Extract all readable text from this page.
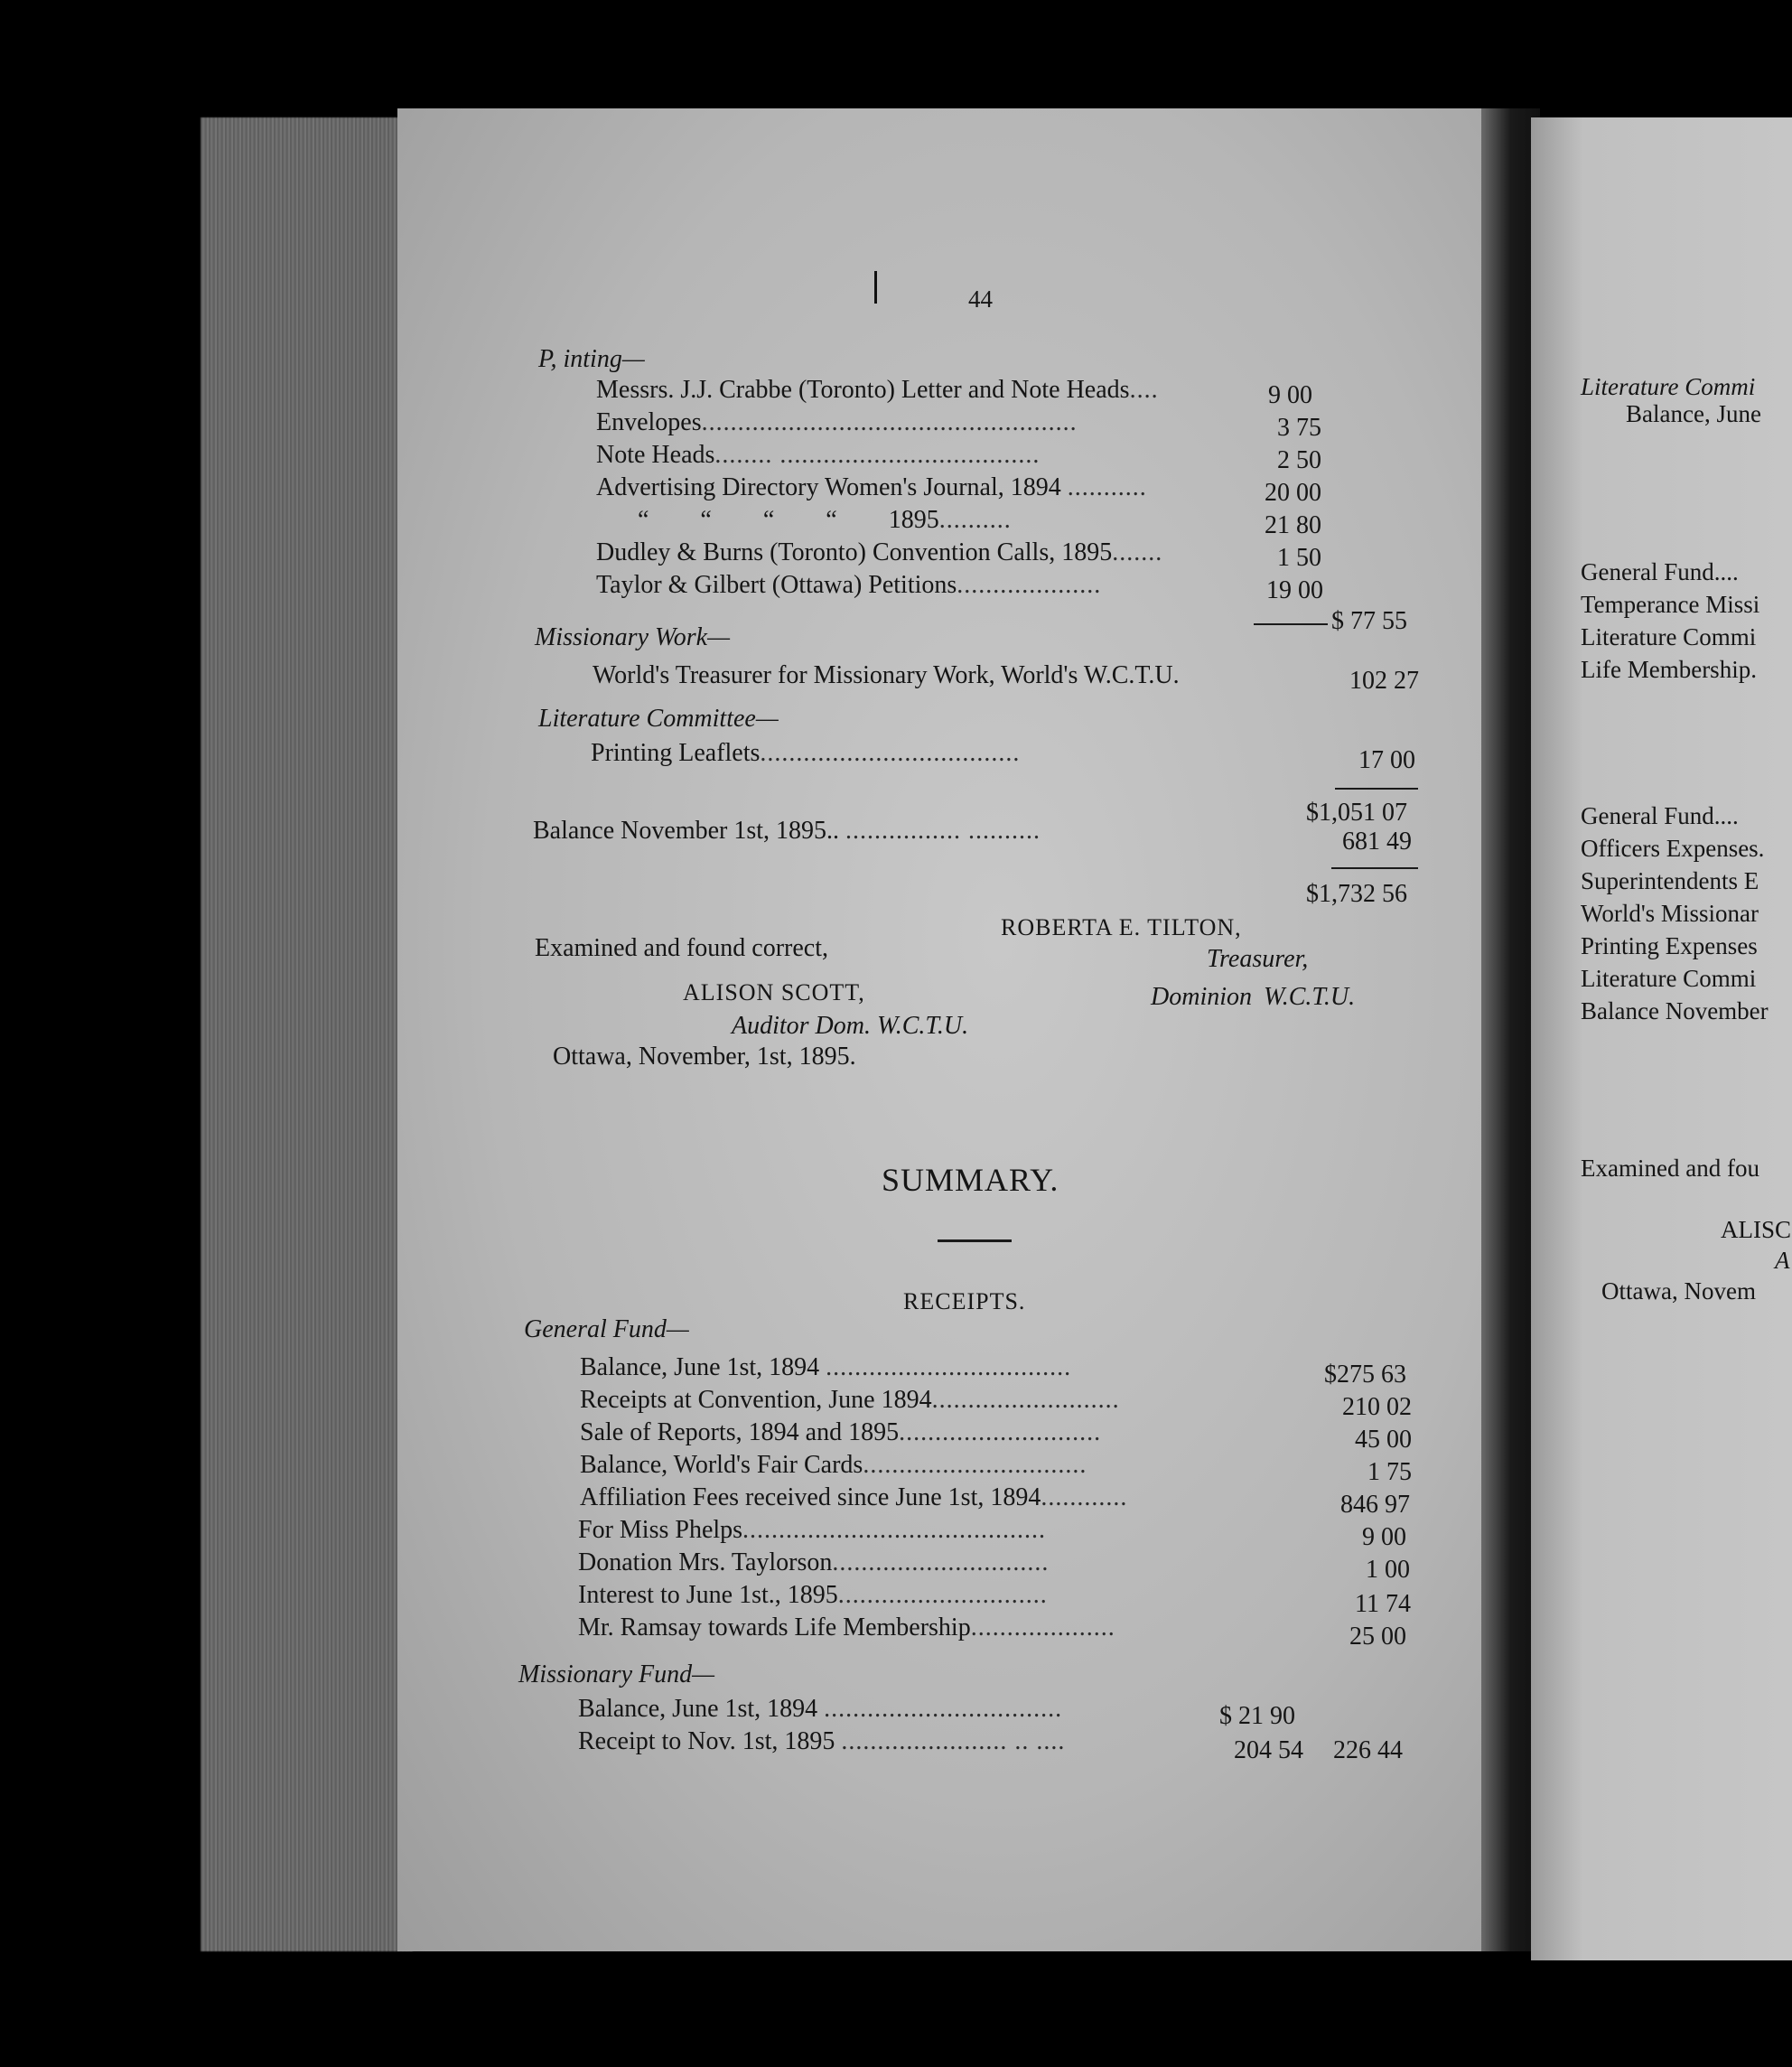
Literature Commi
Balance, June
General Fund....
Temperance Missi
Literature Commi
Life Membership.
General Fund....
Officers Expenses.
Superintendents E
World's Missionar
Printing Expenses
Literature Commi
Balance November
Examined and fou
ALISC
A
Ottawa, Novem
44
P, inting—
Messrs. J.J. Crabbe (Toronto) Letter and Note Heads....	9 00
Envelopes....................................................	3 75
Note Heads........ ....................................	2 50
Advertising Directory Women's Journal, 1894 ...........	20 00
“ “ “ “ 1895..........	21 80
Dudley & Burns (Toronto) Convention Calls, 1895.......	1 50
Taylor & Gilbert (Ottawa) Petitions....................	19 00
$ 77 55
Missionary Work—
World's Treasurer for Missionary Work, World's W.C.T.U.	102 27
Literature Committee—
Printing Leaflets....................................	17 00
$1,051 07
Balance November 1st, 1895.. ................ ..........	681 49
$1,732 56
ROBERTA E. TILTON,
Treasurer,
Dominion W.C.T.U.
Examined and found correct,
ALISON SCOTT,
Auditor Dom. W.C.T.U.
Ottawa, November, 1st, 1895.
SUMMARY.
RECEIPTS.
General Fund—
Balance, June 1st, 1894 ..................................	$275 63
Receipts at Convention, June 1894..........................	210 02
Sale of Reports, 1894 and 1895............................	45 00
Balance, World's Fair Cards...............................	1 75
Affiliation Fees received since June 1st, 1894............	846 97
For Miss Phelps..........................................	9 00
Donation Mrs. Taylorson..............................	1 00
Interest to June 1st., 1895.............................	11 74
Mr. Ramsay towards Life Membership....................	25 00
Missionary Fund—
Balance, June 1st, 1894 .................................	$ 21 90
Receipt to Nov. 1st, 1895 ....................... .. ....	204 54 226 44
